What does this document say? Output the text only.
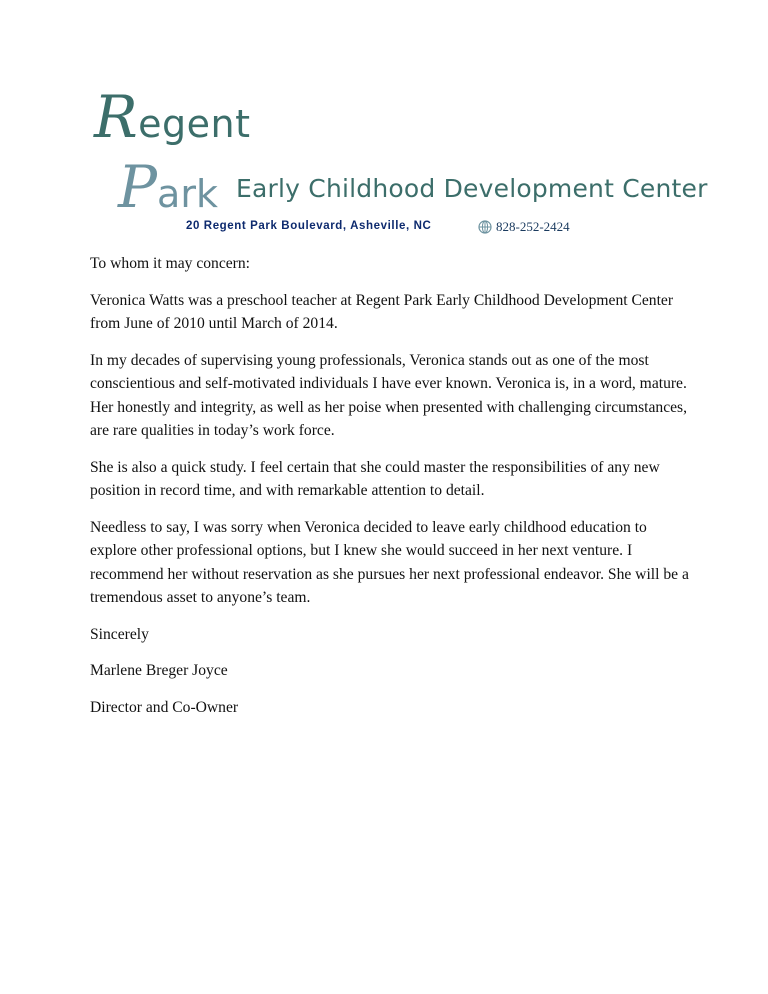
Regent
Park Early Childhood Development Center
20 Regent Park Boulevard, Asheville, NC	828-252-2424

To whom it may concern:

Veronica Watts was a preschool teacher at Regent Park Early Childhood Development Center from June of 2010 until March of 2014.

In my decades of supervising young professionals, Veronica stands out as one of the most conscientious and self-motivated individuals I have ever known. Veronica is, in a word, mature. Her honestly and integrity, as well as her poise when presented with challenging circumstances, are rare qualities in today’s work force.

She is also a quick study. I feel certain that she could master the responsibilities of any new position in record time, and with remarkable attention to detail.

Needless to say, I was sorry when Veronica decided to leave early childhood education to explore other professional options, but I knew she would succeed in her next venture. I recommend her without reservation as she pursues her next professional endeavor. She will be a tremendous asset to anyone’s team.

Sincerely

Marlene Breger Joyce

Director and Co-Owner
